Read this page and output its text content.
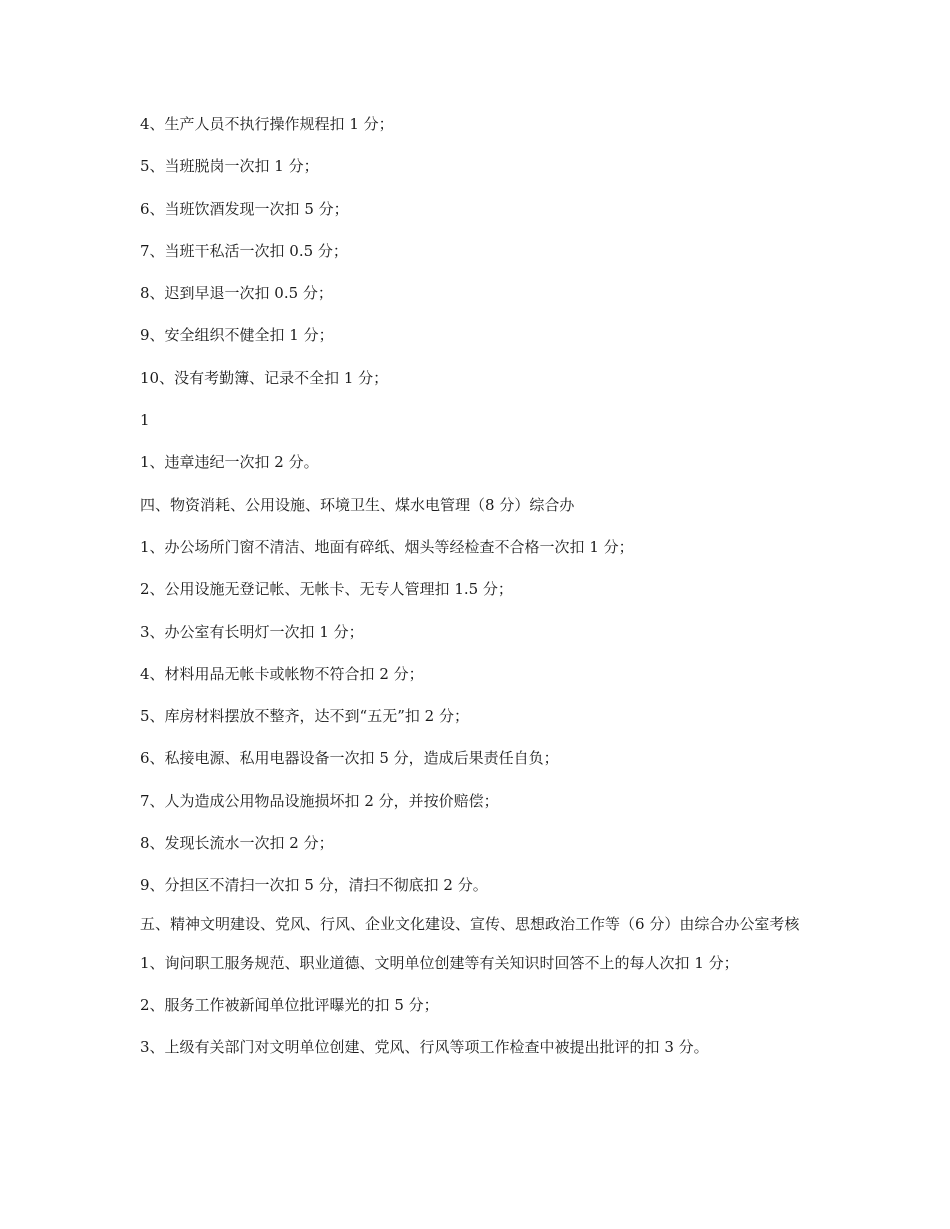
4、生产人员不执行操作规程扣 1 分；
5、当班脱岗一次扣 1 分；
6、当班饮酒发现一次扣 5 分；
7、当班干私活一次扣 0.5 分；
8、迟到早退一次扣 0.5 分；
9、安全组织不健全扣 1 分；
10、没有考勤簿、记录不全扣 1 分；
1
1、违章违纪一次扣 2 分。
四、物资消耗、公用设施、环境卫生、煤水电管理（8 分）综合办
1、办公场所门窗不清洁、地面有碎纸、烟头等经检查不合格一次扣 1 分；
2、公用设施无登记帐、无帐卡、无专人管理扣 1.5 分；
3、办公室有长明灯一次扣 1 分；
4、材料用品无帐卡或帐物不符合扣 2 分；
5、库房材料摆放不整齐，达不到“五无”扣 2 分；
6、私接电源、私用电器设备一次扣 5 分，造成后果责任自负；
7、人为造成公用物品设施损坏扣 2 分，并按价赔偿；
8、发现长流水一次扣 2 分；
9、分担区不清扫一次扣 5 分，清扫不彻底扣 2 分。
五、精神文明建设、党风、行风、企业文化建设、宣传、思想政治工作等（6 分）由综合办公室考核
1、询问职工服务规范、职业道德、文明单位创建等有关知识时回答不上的每人次扣 1 分；
2、服务工作被新闻单位批评曝光的扣 5 分；
3、上级有关部门对文明单位创建、党风、行风等项工作检查中被提出批评的扣 3 分。
